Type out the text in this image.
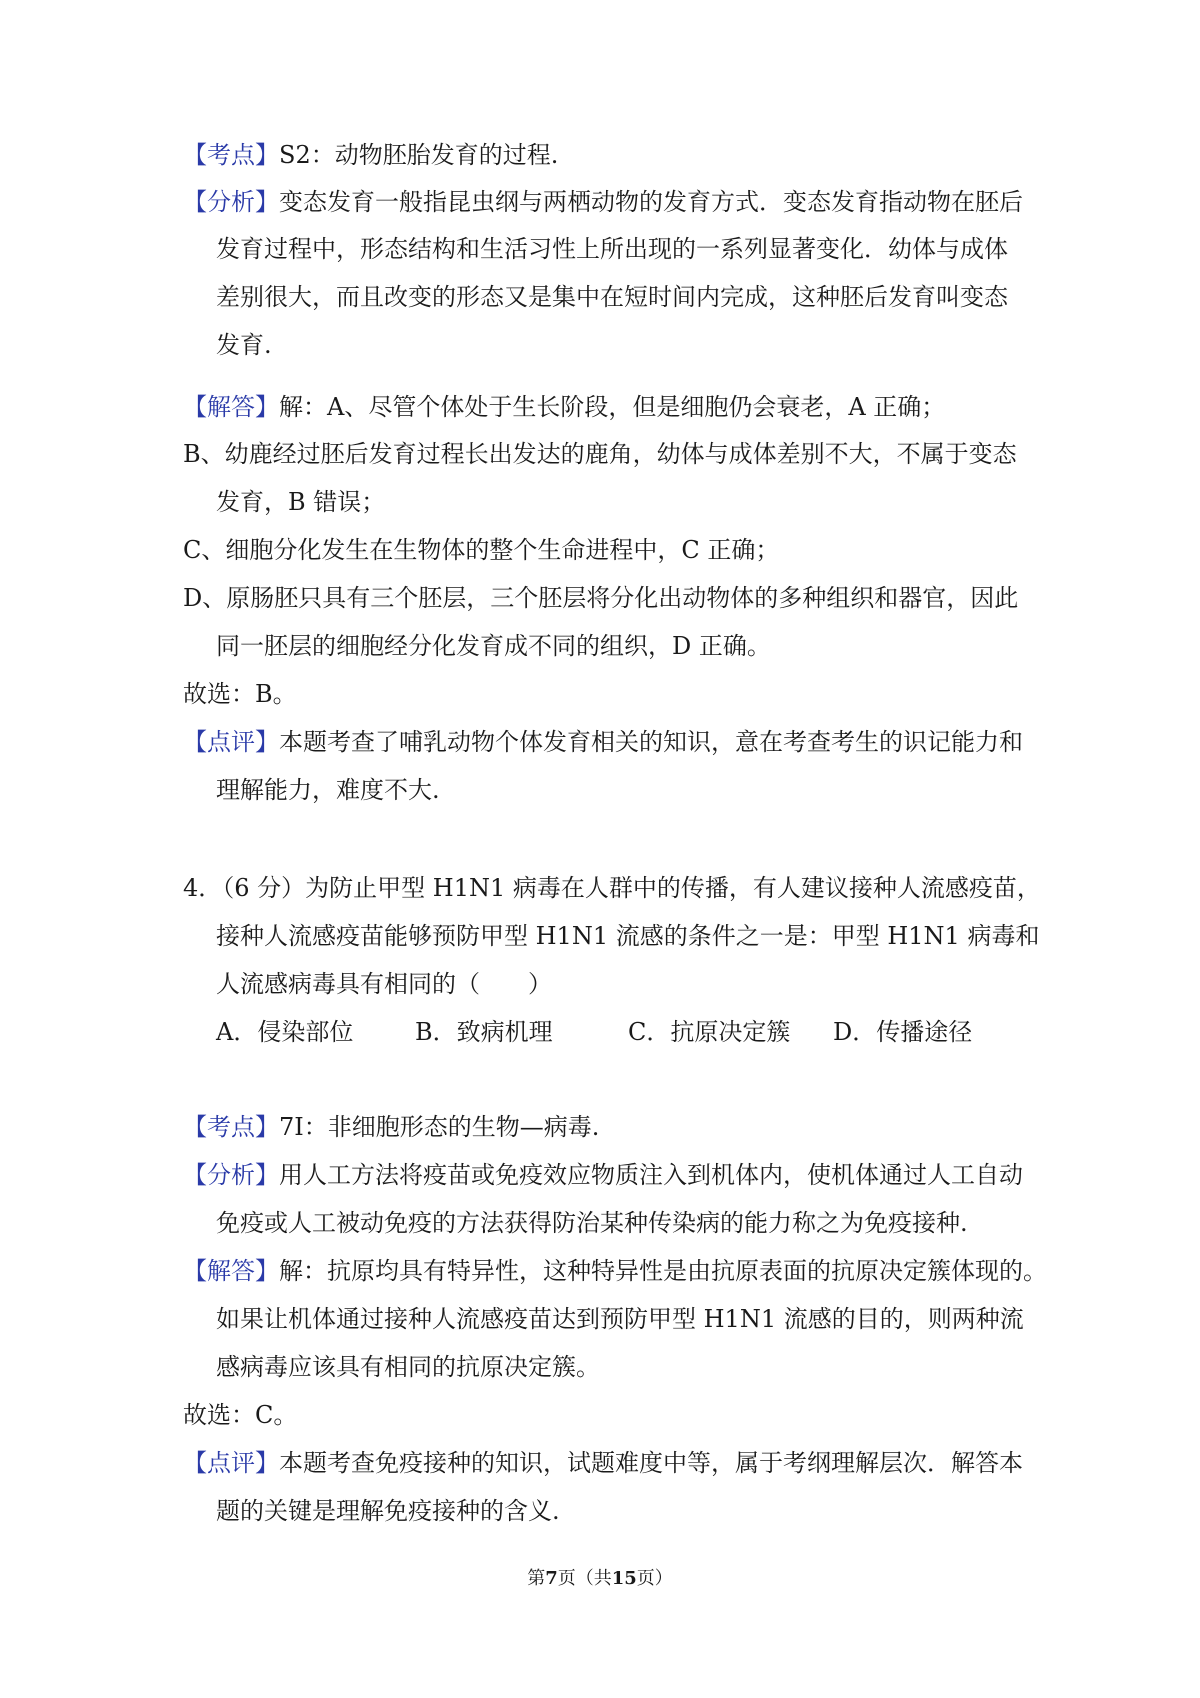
【考点】S2：动物胚胎发育的过程.
【分析】变态发育一般指昆虫纲与两栖动物的发育方式．变态发育指动物在胚后
发育过程中，形态结构和生活习性上所出现的一系列显著变化．幼体与成体
差别很大，而且改变的形态又是集中在短时间内完成，这种胚后发育叫变态
发育.
【解答】解：A、尽管个体处于生长阶段，但是细胞仍会衰老，A 正确；
B、幼鹿经过胚后发育过程长出发达的鹿角，幼体与成体差别不大，不属于变态
发育，B 错误；
C、细胞分化发生在生物体的整个生命进程中，C 正确；
D、原肠胚只具有三个胚层，三个胚层将分化出动物体的多种组织和器官，因此
同一胚层的细胞经分化发育成不同的组织，D 正确。
故选：B。
【点评】本题考查了哺乳动物个体发育相关的知识，意在考查考生的识记能力和
理解能力，难度不大.
4．（6 分）为防止甲型 H1N1 病毒在人群中的传播，有人建议接种人流感疫苗，
接种人流感疫苗能够预防甲型 H1N1 流感的条件之一是：甲型 H1N1 病毒和
人流感病毒具有相同的（　　）
A．侵染部位	B．致病机理	C．抗原决定簇 D．传播途径
【考点】7I：非细胞形态的生物—病毒.
【分析】用人工方法将疫苗或免疫效应物质注入到机体内，使机体通过人工自动
免疫或人工被动免疫的方法获得防治某种传染病的能力称之为免疫接种.
【解答】解：抗原均具有特异性，这种特异性是由抗原表面的抗原决定簇体现的。
如果让机体通过接种人流感疫苗达到预防甲型 H1N1 流感的目的，则两种流
感病毒应该具有相同的抗原决定簇。
故选：C。
【点评】本题考查免疫接种的知识，试题难度中等，属于考纲理解层次．解答本
题的关键是理解免疫接种的含义.
第7页（共15页）
